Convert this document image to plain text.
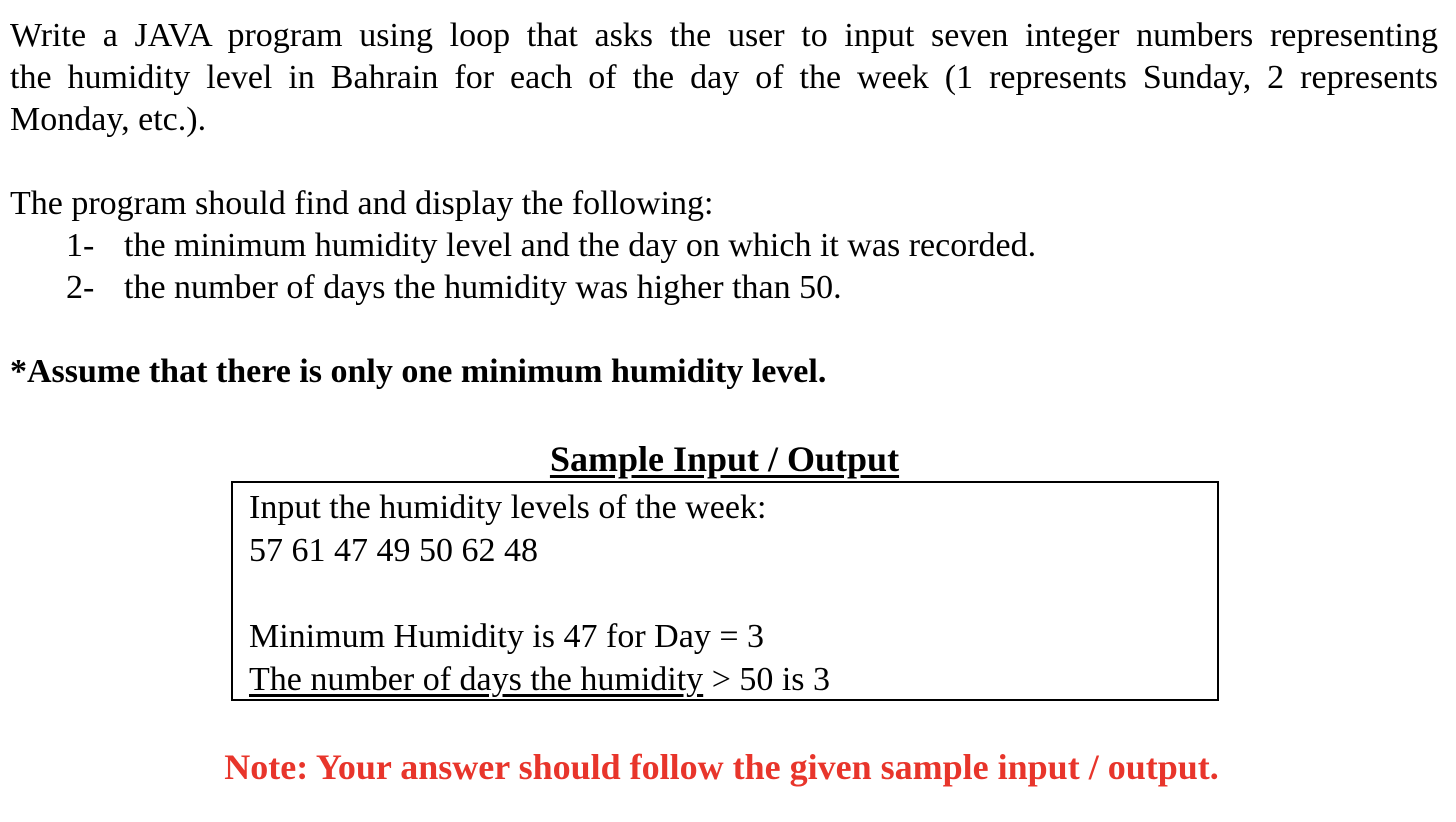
Write a JAVA program using loop that asks the user to input seven integer numbers representing
the humidity level in Bahrain for each of the day of the week (1 represents Sunday, 2 represents
Monday, etc.).

The program should find and display the following:

1- the minimum humidity level and the day on which it was recorded.
2- the number of days the humidity was higher than 50.

*Assume that there is only one minimum humidity level.

Sample Input / Output

Input the humidity levels of the week:
57 61 47 49 50 62 48
Minimum Humidity is 47 for Day = 3
The number of days the humidity > 50 is 3

Note: Your answer should follow the given sample input / output.
